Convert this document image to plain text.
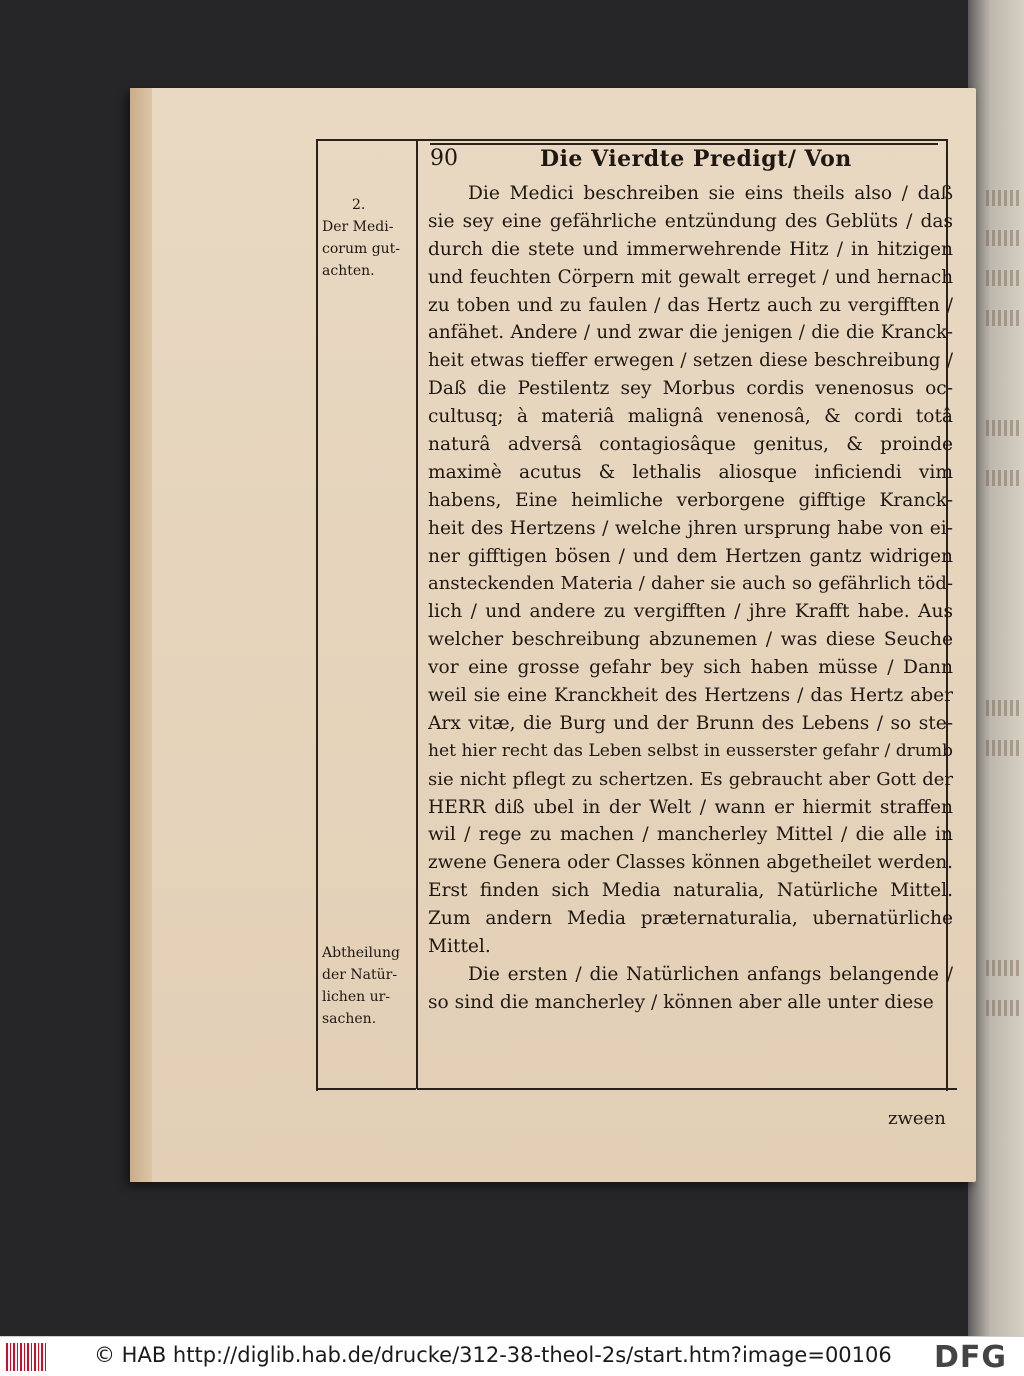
90	Die Vierdte Predigt/ Von
2.
Der Medi-
corum gut-
achten.
Abtheilung
der Natür-
lichen ur-
sachen.
Die Medici beschreiben sie eins theils also / daß
sie sey eine gefährliche entzündung des Geblüts / das
durch die stete und immerwehrende Hitz / in hitzigen
und feuchten Cörpern mit gewalt erreget / und hernach
zu toben und zu faulen / das Hertz auch zu vergifften /
anfähet. Andere / und zwar die jenigen / die die Kranck-
heit etwas tieffer erwegen / setzen diese beschreibung /
Daß die Pestilentz sey Morbus cordis venenosus oc-
cultusq; à materiâ malignâ venenosâ, & cordi totâ
naturâ adversâ contagiosâque genitus, & proinde
maximè acutus & lethalis aliosque inficiendi vim
habens, Eine heimliche verborgene gifftige Kranck-
heit des Hertzens / welche jhren ursprung habe von ei-
ner gifftigen bösen / und dem Hertzen gantz widrigen
ansteckenden Materia / daher sie auch so gefährlich töd-
lich / und andere zu vergifften / jhre Krafft habe. Aus
welcher beschreibung abzunemen / was diese Seuche
vor eine grosse gefahr bey sich haben müsse / Dann
weil sie eine Kranckheit des Hertzens / das Hertz aber
Arx vitæ, die Burg und der Brunn des Lebens / so ste-
het hier recht das Leben selbst in eusserster gefahr / drumb
sie nicht pflegt zu schertzen. Es gebraucht aber Gott der
HERR diß ubel in der Welt / wann er hiermit straffen
wil / rege zu machen / mancherley Mittel / die alle in
zwene Genera oder Classes können abgetheilet werden.
Erst finden sich Media naturalia, Natürliche Mittel.
Zum andern Media præternaturalia, ubernatürliche
Mittel.
Die ersten / die Natürlichen anfangs belangende /
so sind die mancherley / können aber alle unter diese
zween
© HAB http://diglib.hab.de/drucke/312-38-theol-2s/start.htm?image=00106 DFG
